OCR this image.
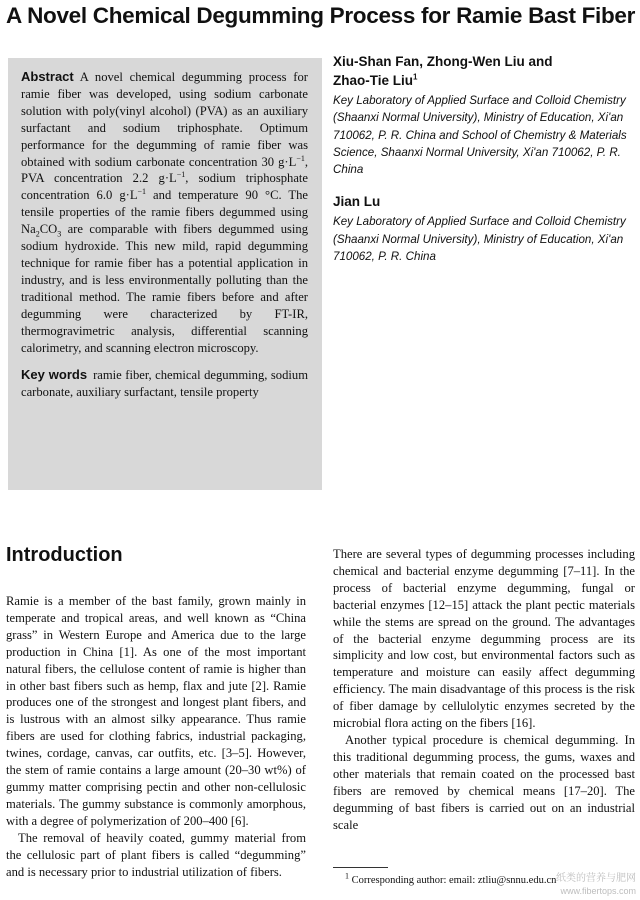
A Novel Chemical Degumming Process for Ramie Bast Fiber

Abstract A novel chemical degumming process for ramie fiber was developed, using sodium carbonate solution with poly(vinyl alcohol) (PVA) as an auxiliary surfactant and sodium triphosphate. Optimum performance for the degumming of ramie fiber was obtained with sodium carbonate concentration 30 $g\cdot L^{-1}$, PVA concentration 2.2 $g\cdot L^{-1}$, sodium triphosphate concentration 6.0 $g\cdot L^{-1}$ and temperature 90 °C. The tensile properties of the ramie fibers degummed using $Na_2CO_3$ are comparable with fibers degummed using sodium hydroxide. This new mild, rapid degumming technique for ramie fiber has a potential application in industry, and is less environmentally polluting than the traditional method. The ramie fibers before and after degumming were characterized by FT-IR, thermogravimetric analysis, differential scanning calorimetry, and scanning electron microscopy.

Key words ramie fiber, chemical degumming, sodium carbonate, auxiliary surfactant, tensile property

Xiu-Shan Fan, Zhong-Wen Liu and

Zhao-Tie Liu$^1$

Key Laboratory of Applied Surface and Colloid Chemistry (Shaanxi Normal University), Ministry of Education, Xi'an 710062, P. R. China and School of Chemistry & Materials Science, Shaanxi Normal University, Xi'an 710062, P. R. China

Jian Lu

Key Laboratory of Applied Surface and Colloid Chemistry (Shaanxi Normal University), Ministry of Education, Xi'an 710062, P. R. China

Introduction

Ramie is a member of the bast family, grown mainly in temperate and tropical areas, and well known as “China grass” in Western Europe and America due to the large production in China [1]. As one of the most important natural fibers, the cellulose content of ramie is higher than in other bast fibers such as hemp, flax and jute [2]. Ramie produces one of the strongest and longest plant fibers, and is lustrous with an almost silky appearance. Thus ramie fibers are used for clothing fabrics, industrial packaging, twines, cordage, canvas, car outfits, etc. [3–5]. However, the stem of ramie contains a large amount (20–30 wt%) of gummy matter comprising pectin and other non-cellulosic materials. The gummy substance is commonly amorphous, with a degree of polymerization of 200–400 [6].

The removal of heavily coated, gummy material from the cellulosic part of plant fibers is called “degumming” and is necessary prior to industrial utilization of fibers.

There are several types of degumming processes including chemical and bacterial enzyme degumming [7–11]. In the process of bacterial enzyme degumming, fungal or bacterial enzymes [12–15] attack the plant pectic materials while the stems are spread on the ground. The advantages of the bacterial enzyme degumming process are its simplicity and low cost, but environmental factors such as temperature and moisture can easily affect degumming efficiency. The main disadvantage of this process is the risk of fiber damage by cellulolytic enzymes secreted by the microbial flora acting on the fibers [16].

Another typical procedure is chemical degumming. In this traditional degumming process, the gums, waxes and other materials that remain coated on the processed bast fibers are removed by chemical means [17–20]. The degumming of bast fibers is carried out on an industrial scale

$^1$ Corresponding author: email: ztliu@snnu.edu.cn 纸类的营养与肥网
www.fibertops.com
